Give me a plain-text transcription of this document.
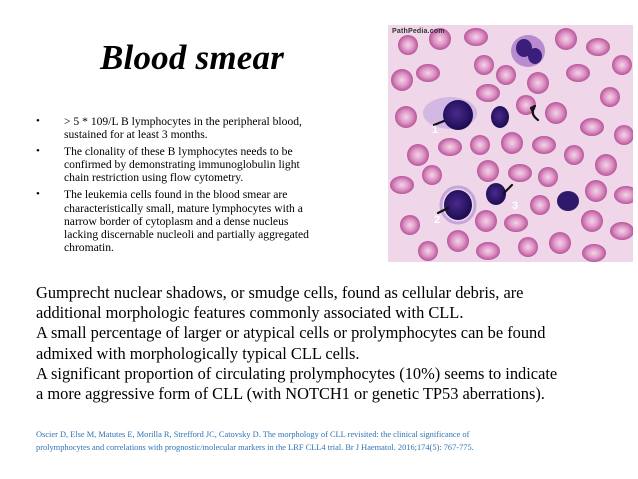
Blood smear
• > 5 * 109/L B lymphocytes in the peripheral blood,
sustained for at least 3 months.
• The clonality of these B lymphocytes needs to be
confirmed by demonstrating immunoglobulin light
chain restriction using flow cytometry.
• The leukemia cells found in the blood smear are
characteristically small, mature lymphocytes with a
narrow border of cytoplasm and a dense nucleus
lacking discernable nucleoli and partially aggregated
chromatin.
1
2
3
PathPedia.com
Gumprecht nuclear shadows, or smudge cells, found as cellular debris, are
additional morphologic features commonly associated with CLL.
A small percentage of larger or atypical cells or prolymphocytes can be found
admixed with morphologically typical CLL cells.
A significant proportion of circulating prolymphocytes (10%) seems to indicate
a more aggressive form of CLL (with NOTCH1 or genetic TP53 aberrations).
Oscier D, Else M, Matutes E, Morilla R, Strefford JC, Catovsky D. The morphology of CLL revisited: the clinical significance of
prolymphocytes and correlations with prognostic/molecular markers in the LRF CLL4 trial. Br J Haematol. 2016;174(5): 767-775.
